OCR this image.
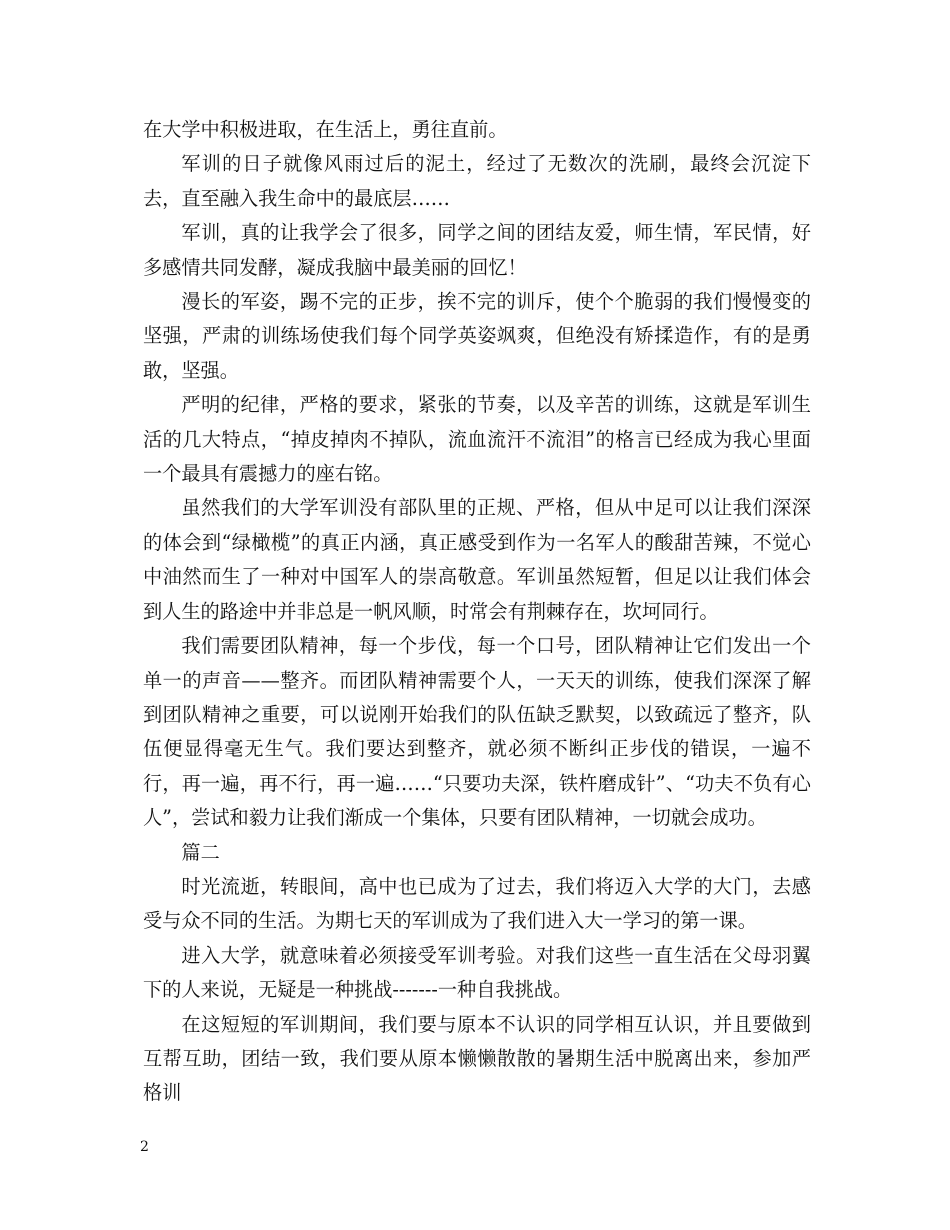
在大学中积极进取，在生活上，勇往直前。

军训的日子就像风雨过后的泥土，经过了无数次的洗刷，最终会沉淀下去，直至融入我生命中的最底层……

军训，真的让我学会了很多，同学之间的团结友爱，师生情，军民情，好多感情共同发酵，凝成我脑中最美丽的回忆！

漫长的军姿，踢不完的正步，挨不完的训斥，使个个脆弱的我们慢慢变的坚强，严肃的训练场使我们每个同学英姿飒爽，但绝没有矫揉造作，有的是勇敢，坚强。

严明的纪律，严格的要求，紧张的节奏，以及辛苦的训练，这就是军训生活的几大特点，“掉皮掉肉不掉队，流血流汗不流泪”的格言已经成为我心里面一个最具有震撼力的座右铭。

虽然我们的大学军训没有部队里的正规、严格，但从中足可以让我们深深的体会到“绿橄榄”的真正内涵，真正感受到作为一名军人的酸甜苦辣，不觉心中油然而生了一种对中国军人的崇高敬意。军训虽然短暂，但足以让我们体会到人生的路途中并非总是一帆风顺，时常会有荆棘存在，坎坷同行。

我们需要团队精神，每一个步伐，每一个口号，团队精神让它们发出一个单一的声音——整齐。而团队精神需要个人，一天天的训练，使我们深深了解到团队精神之重要，可以说刚开始我们的队伍缺乏默契，以致疏远了整齐，队伍便显得毫无生气。我们要达到整齐，就必须不断纠正步伐的错误，一遍不行，再一遍，再不行，再一遍……“只要功夫深，铁杵磨成针”、“功夫不负有心人”，尝试和毅力让我们渐成一个集体，只要有团队精神，一切就会成功。

篇二

时光流逝，转眼间，高中也已成为了过去，我们将迈入大学的大门，去感受与众不同的生活。为期七天的军训成为了我们进入大一学习的第一课。

进入大学，就意味着必须接受军训考验。对我们这些一直生活在父母羽翼下的人来说，无疑是一种挑战-------一种自我挑战。

在这短短的军训期间，我们要与原本不认识的同学相互认识，并且要做到互帮互助，团结一致，我们要从原本懒懒散散的暑期生活中脱离出来，参加严格训

2
